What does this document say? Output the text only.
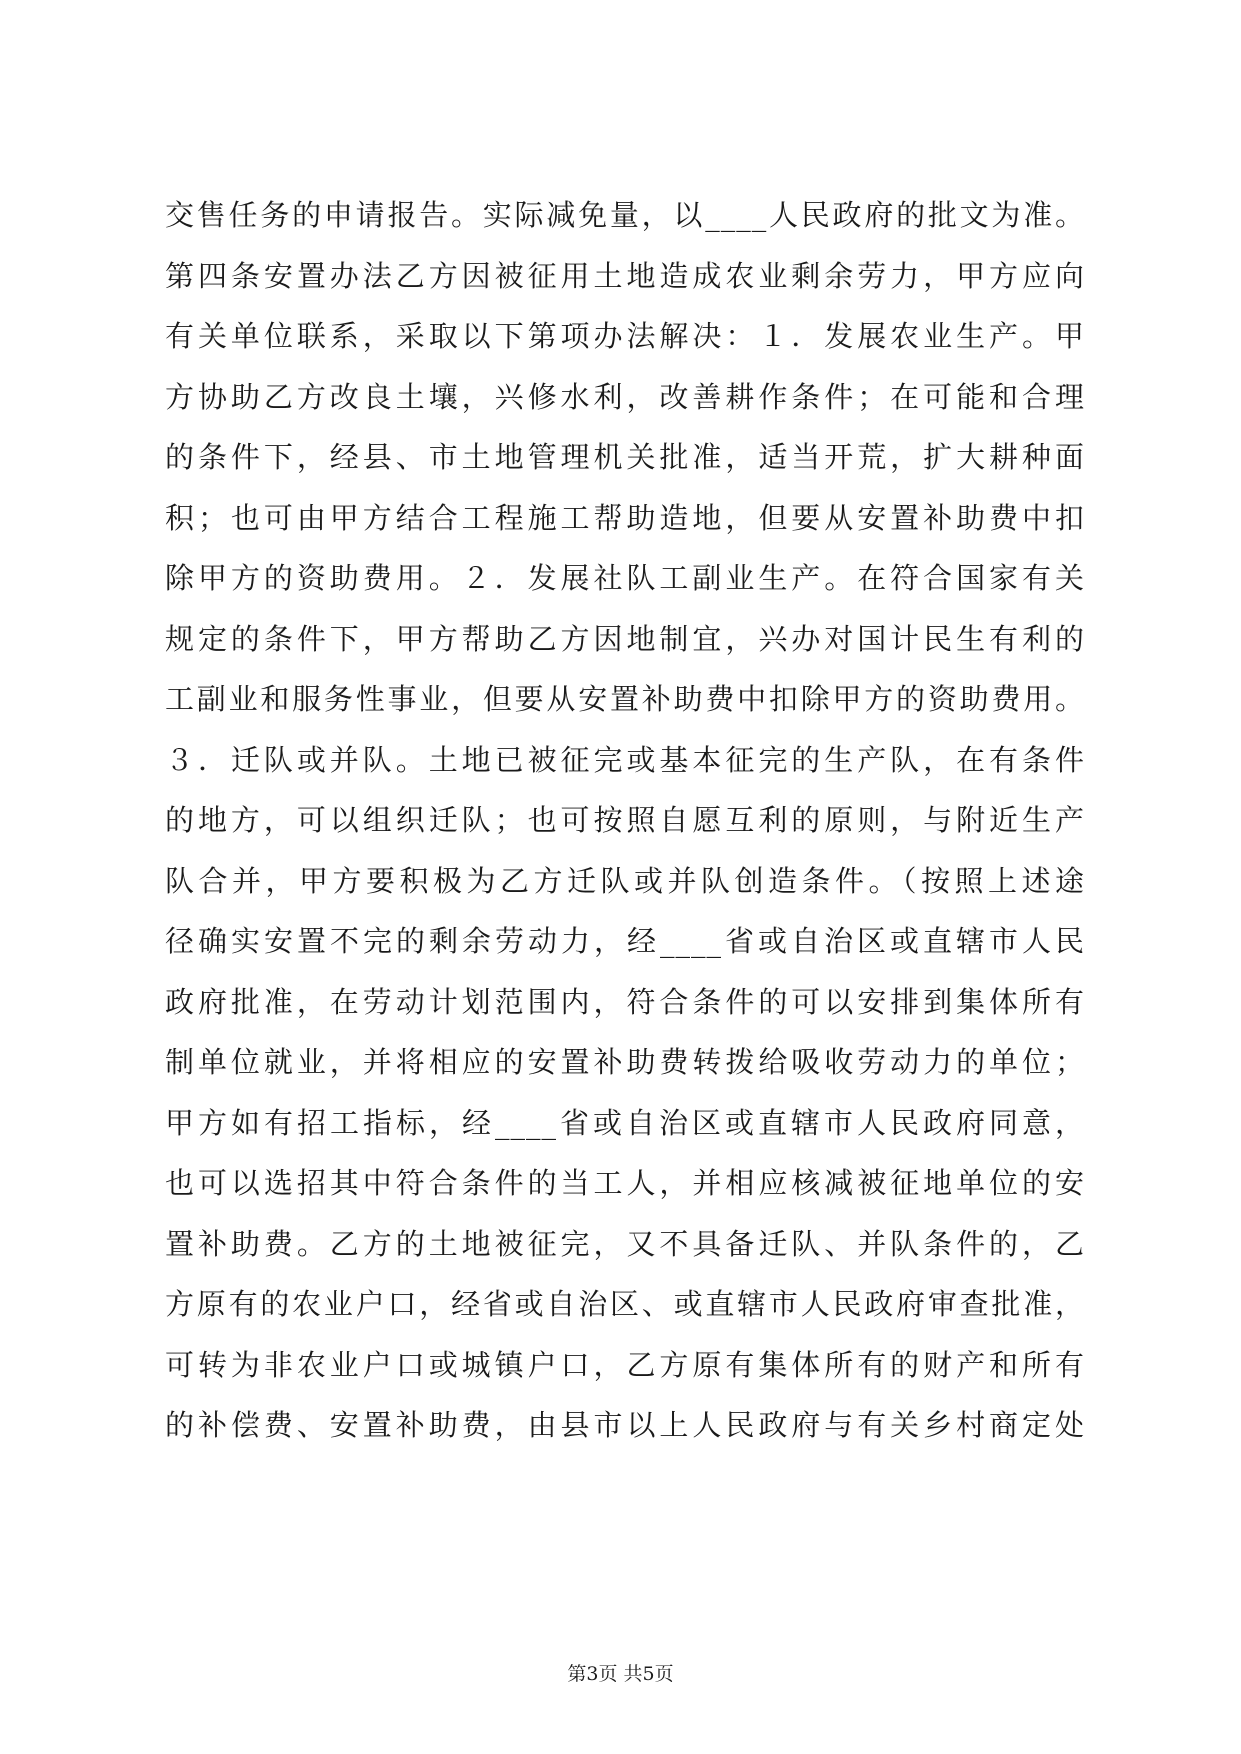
交售任务的申请报告。实际减免量，以____人民政府的批文为准。
第四条安置办法乙方因被征用土地造成农业剩余劳力，甲方应向
有关单位联系，采取以下第项办法解决：１．发展农业生产。甲
方协助乙方改良土壤，兴修水利，改善耕作条件；在可能和合理
的条件下，经县、市土地管理机关批准，适当开荒，扩大耕种面
积；也可由甲方结合工程施工帮助造地，但要从安置补助费中扣
除甲方的资助费用。２．发展社队工副业生产。在符合国家有关
规定的条件下，甲方帮助乙方因地制宜，兴办对国计民生有利的
工副业和服务性事业，但要从安置补助费中扣除甲方的资助费用。
３．迁队或并队。土地已被征完或基本征完的生产队，在有条件
的地方，可以组织迁队；也可按照自愿互利的原则，与附近生产
队合并，甲方要积极为乙方迁队或并队创造条件。（按照上述途
径确实安置不完的剩余劳动力，经____省或自治区或直辖市人民
政府批准，在劳动计划范围内，符合条件的可以安排到集体所有
制单位就业，并将相应的安置补助费转拨给吸收劳动力的单位；
甲方如有招工指标，经____省或自治区或直辖市人民政府同意，
也可以选招其中符合条件的当工人，并相应核减被征地单位的安
置补助费。乙方的土地被征完，又不具备迁队、并队条件的，乙
方原有的农业户口，经省或自治区、或直辖市人民政府审查批准，
可转为非农业户口或城镇户口，乙方原有集体所有的财产和所有
的补偿费、安置补助费，由县市以上人民政府与有关乡村商定处
第3页 共5页
